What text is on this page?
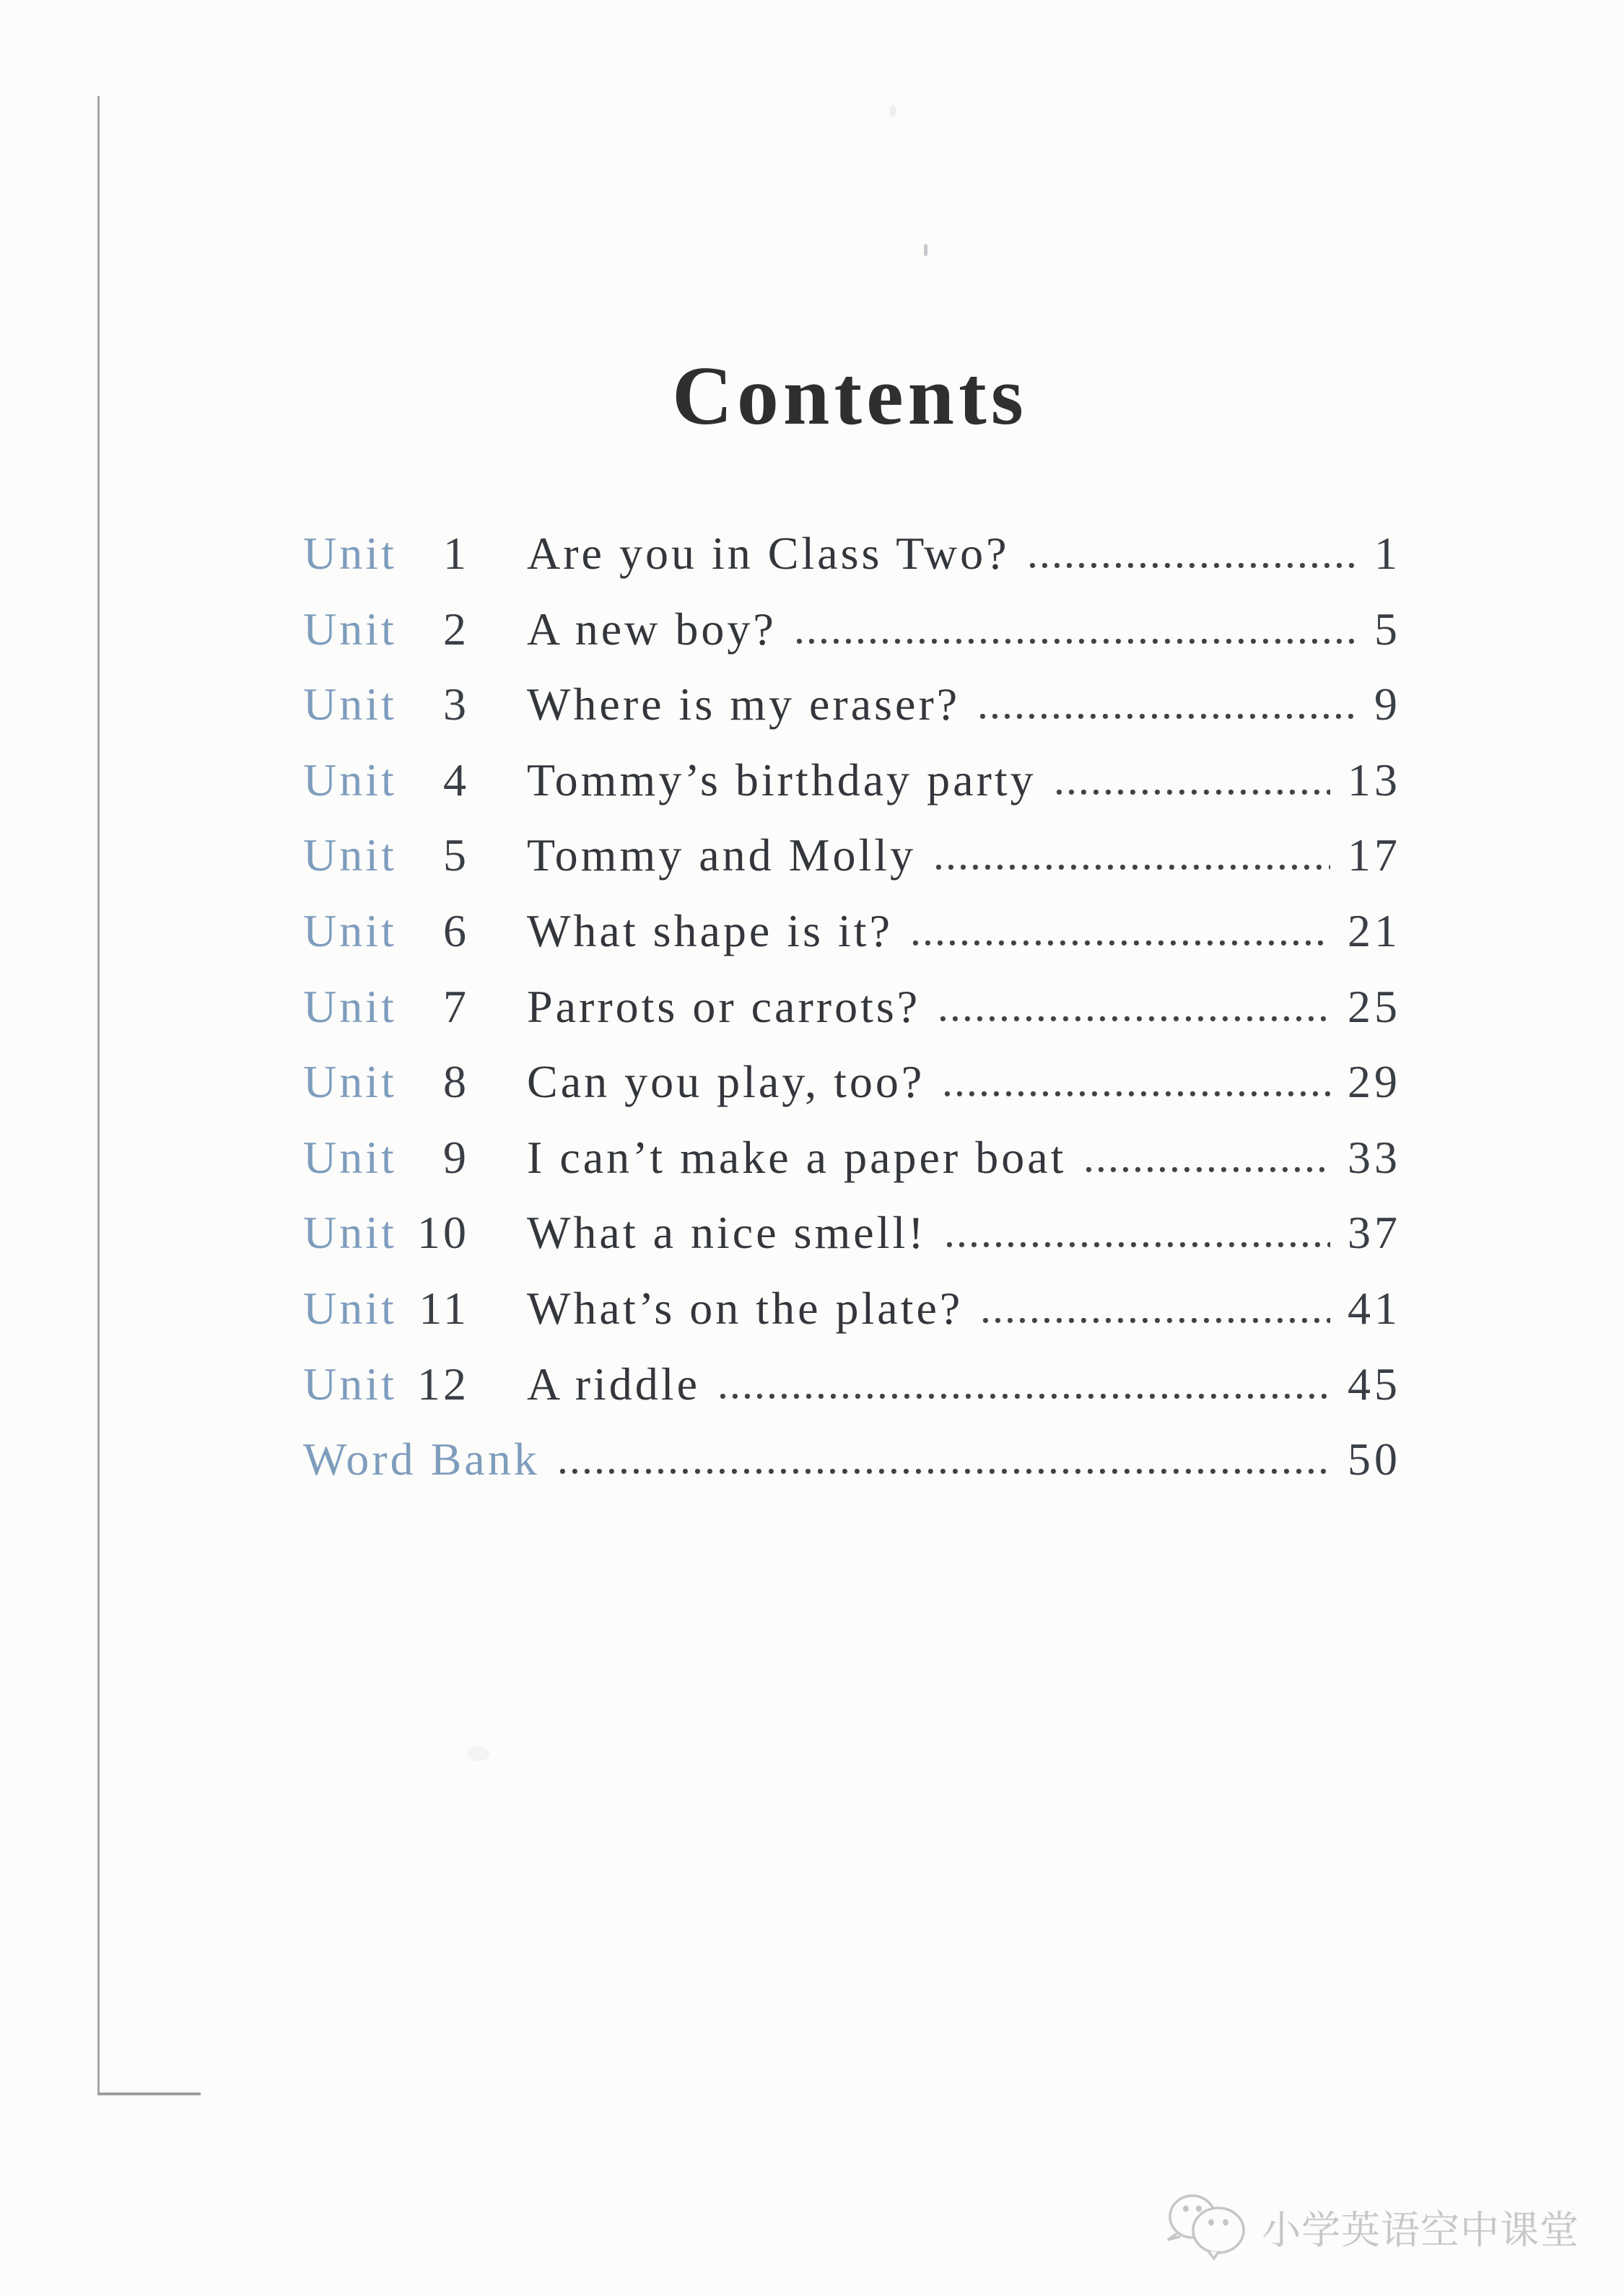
Contents
Unit	1 Are you in Class Two?	1
Unit	2 A new boy?	5
Unit	3 Where is my eraser?	9
Unit	4 Tommy’s birthday party	13
Unit	5 Tommy and Molly	17
Unit	6 What shape is it?	21
Unit	7 Parrots or carrots?	25
Unit	8 Can you play, too?	29
Unit	9 I can’t make a paper boat	33
Unit 10 What a nice smell!	37
Unit 11 What’s on the plate?	41
Unit 12 A riddle	45
Word Bank	50
小学英语空中课堂
